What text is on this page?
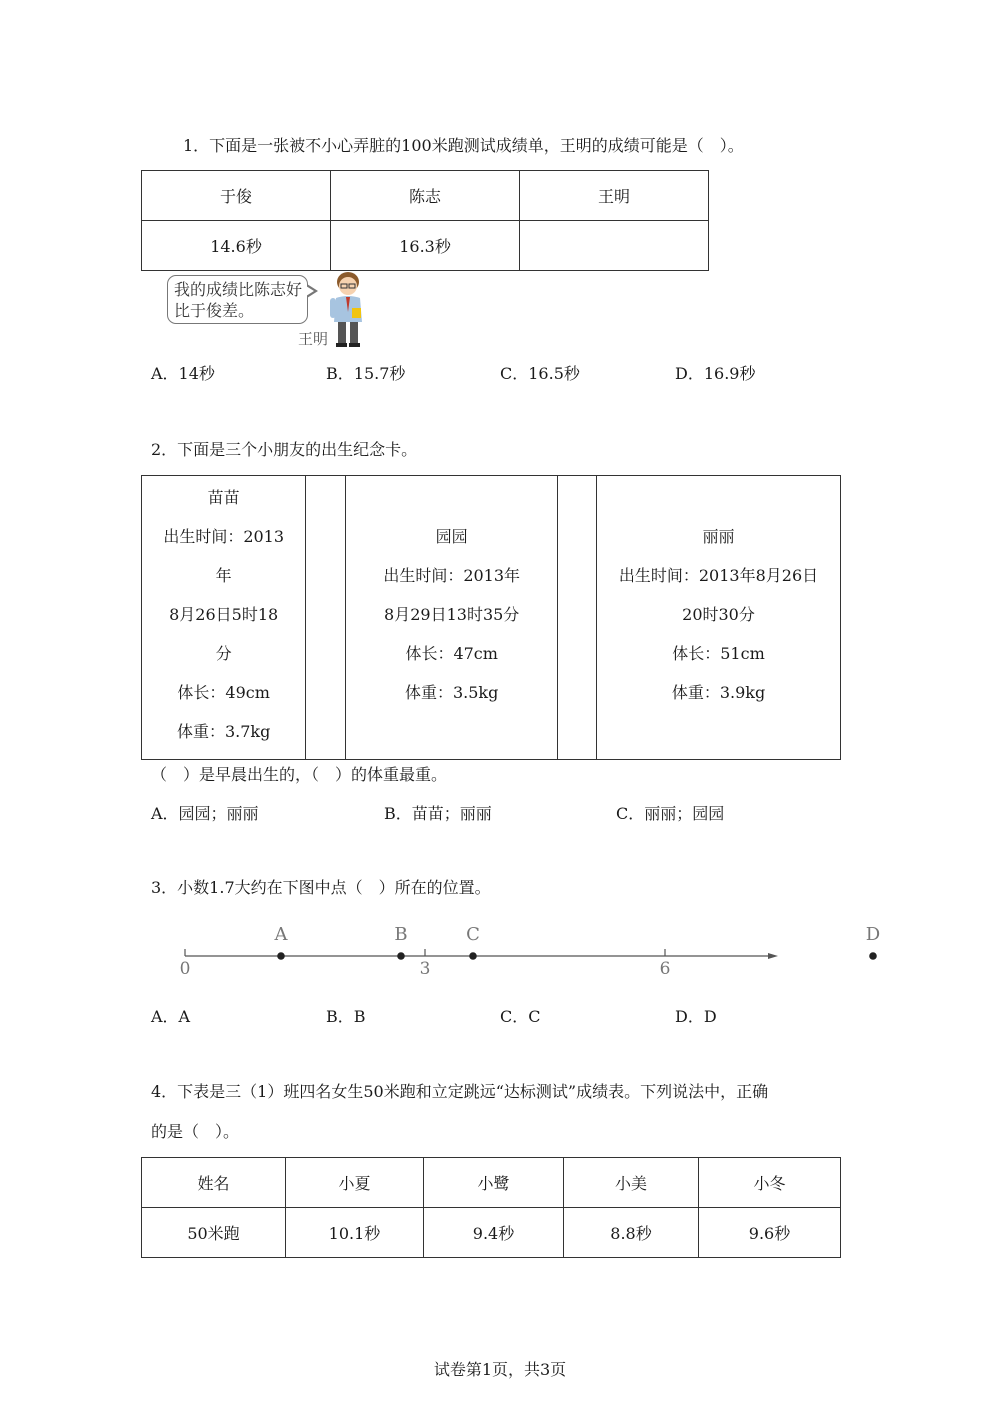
1．下面是一张被不小心弄脏的100米跑测试成绩单，王明的成绩可能是（　）。
于俊	陈志	王明
14.6秒	16.3秒	
我的成绩比陈志好
比于俊差。
王明
A．14秒	B．15.7秒	C．16.5秒	D．16.9秒
2．下面是三个小朋友的出生纪念卡。
苗苗
出生时间：2013
年
8月26日5时18
分
体长：49cm
体重：3.7kg

园园
出生时间：2013年
8月29日13时35分
体长：47cm
体重：3.5kg

丽丽
出生时间：2013年8月26日
20时30分
体长：51cm
体重：3.9kg
（　）是早晨出生的，（　）的体重最重。
A．园园；丽丽	B．苗苗；丽丽	C．丽丽；园园
3．小数1.7大约在下图中点（　）所在的位置。
0	3	6
A	B	C	D
A．A	B．B	C．C	D．D
4．下表是三（1）班四名女生50米跑和立定跳远“达标测试”成绩表。下列说法中，正确
的是（　）。
姓名	小夏	小鹭	小美	小冬
50米跑	10.1秒	9.4秒	8.8秒	9.6秒
试卷第1页，共3页
